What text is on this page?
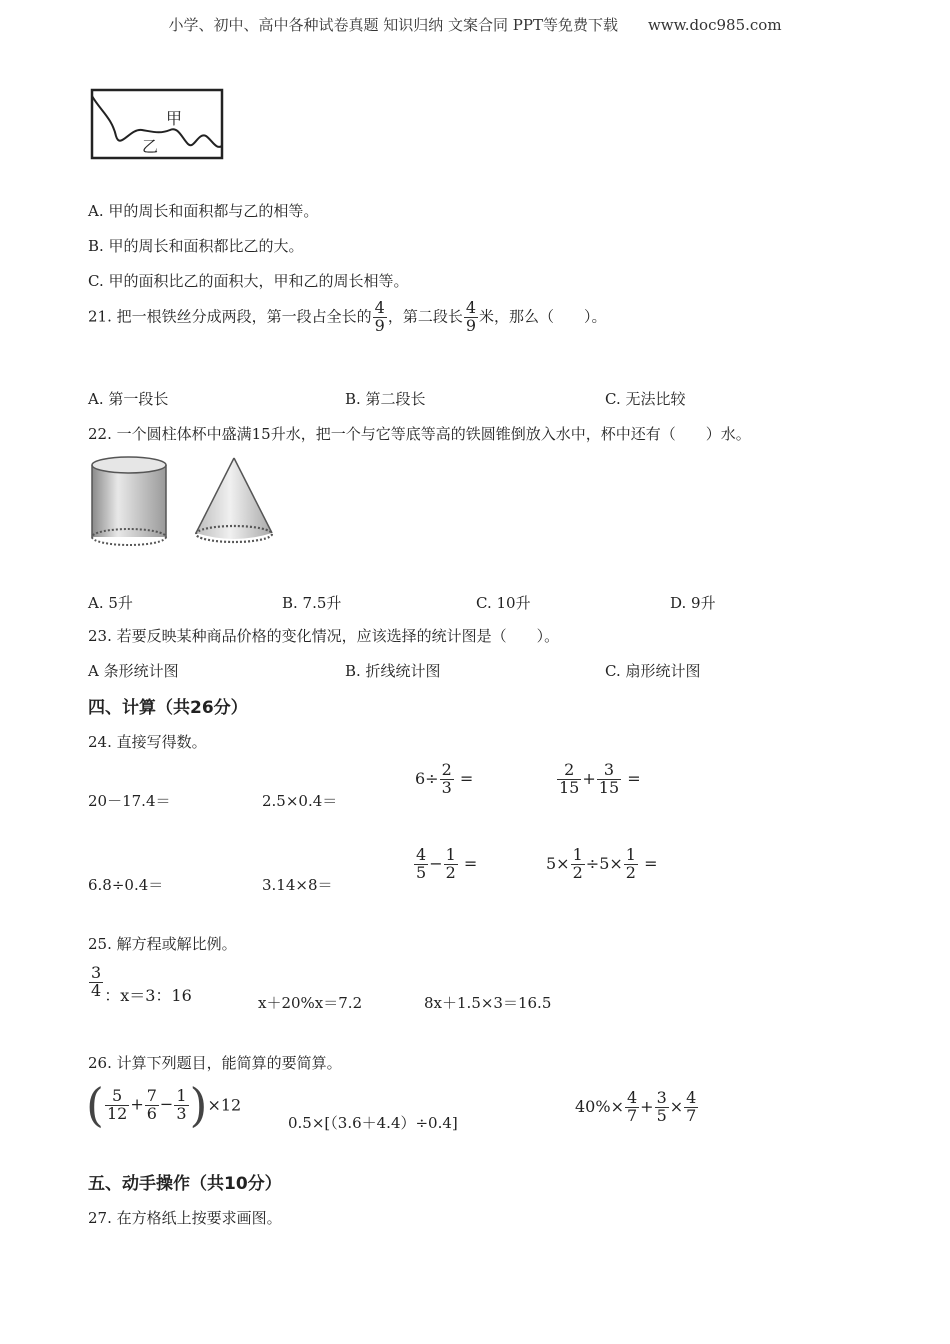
小学、初中、高中各种试卷真题 知识归纳 文案合同 PPT等免费下载　　www.doc985.com
甲
乙
A. 甲的周长和面积都与乙的相等。
B. 甲的周长和面积都比乙的大。
C. 甲的面积比乙的面积大，甲和乙的周长相等。
21. 把一根铁丝分成两段，第一段占全长的 $\frac{4}{9}$ ，第二段长 $\frac{4}{9}$ 米，那么（　　）。
A. 第一段长	B. 第二段长	C. 无法比较
22. 一个圆柱体杯中盛满15升水，把一个与它等底等高的铁圆锥倒放入水中，杯中还有（　　）水。
A. 5升	B. 7.5升	C. 10升	D. 9升
23. 若要反映某种商品价格的变化情况，应该选择的统计图是（　　）。
A 条形统计图	B. 折线统计图	C. 扇形统计图
四、计算（共26分）
24. 直接写得数。
20－17.4＝	2.5×0.4＝
$6\div \frac{2}{3}$ =	$\frac{2}{15} + \frac{3}{15}$ =
6.8÷0.4＝	3.14×8＝
$\frac{4}{5} - \frac{1}{2}$ =	$5\times \frac{1}{2} \div 5\times \frac{1}{2}$ =
25. 解方程或解比例。
$\frac{3}{4}$ ：x＝3：16	x＋20%x＝7.2	8x＋1.5×3＝16.5
26. 计算下列题目，能简算的要简算。
( $\frac{5}{12} + \frac{7}{6} - \frac{1}{3} )\times 12$
0.5×[（3.6＋4.4）÷0.4]
$40\%\times \frac{4}{7} + \frac{3}{5} \times \frac{4}{7}$
五、动手操作（共10分）
27. 在方格纸上按要求画图。
